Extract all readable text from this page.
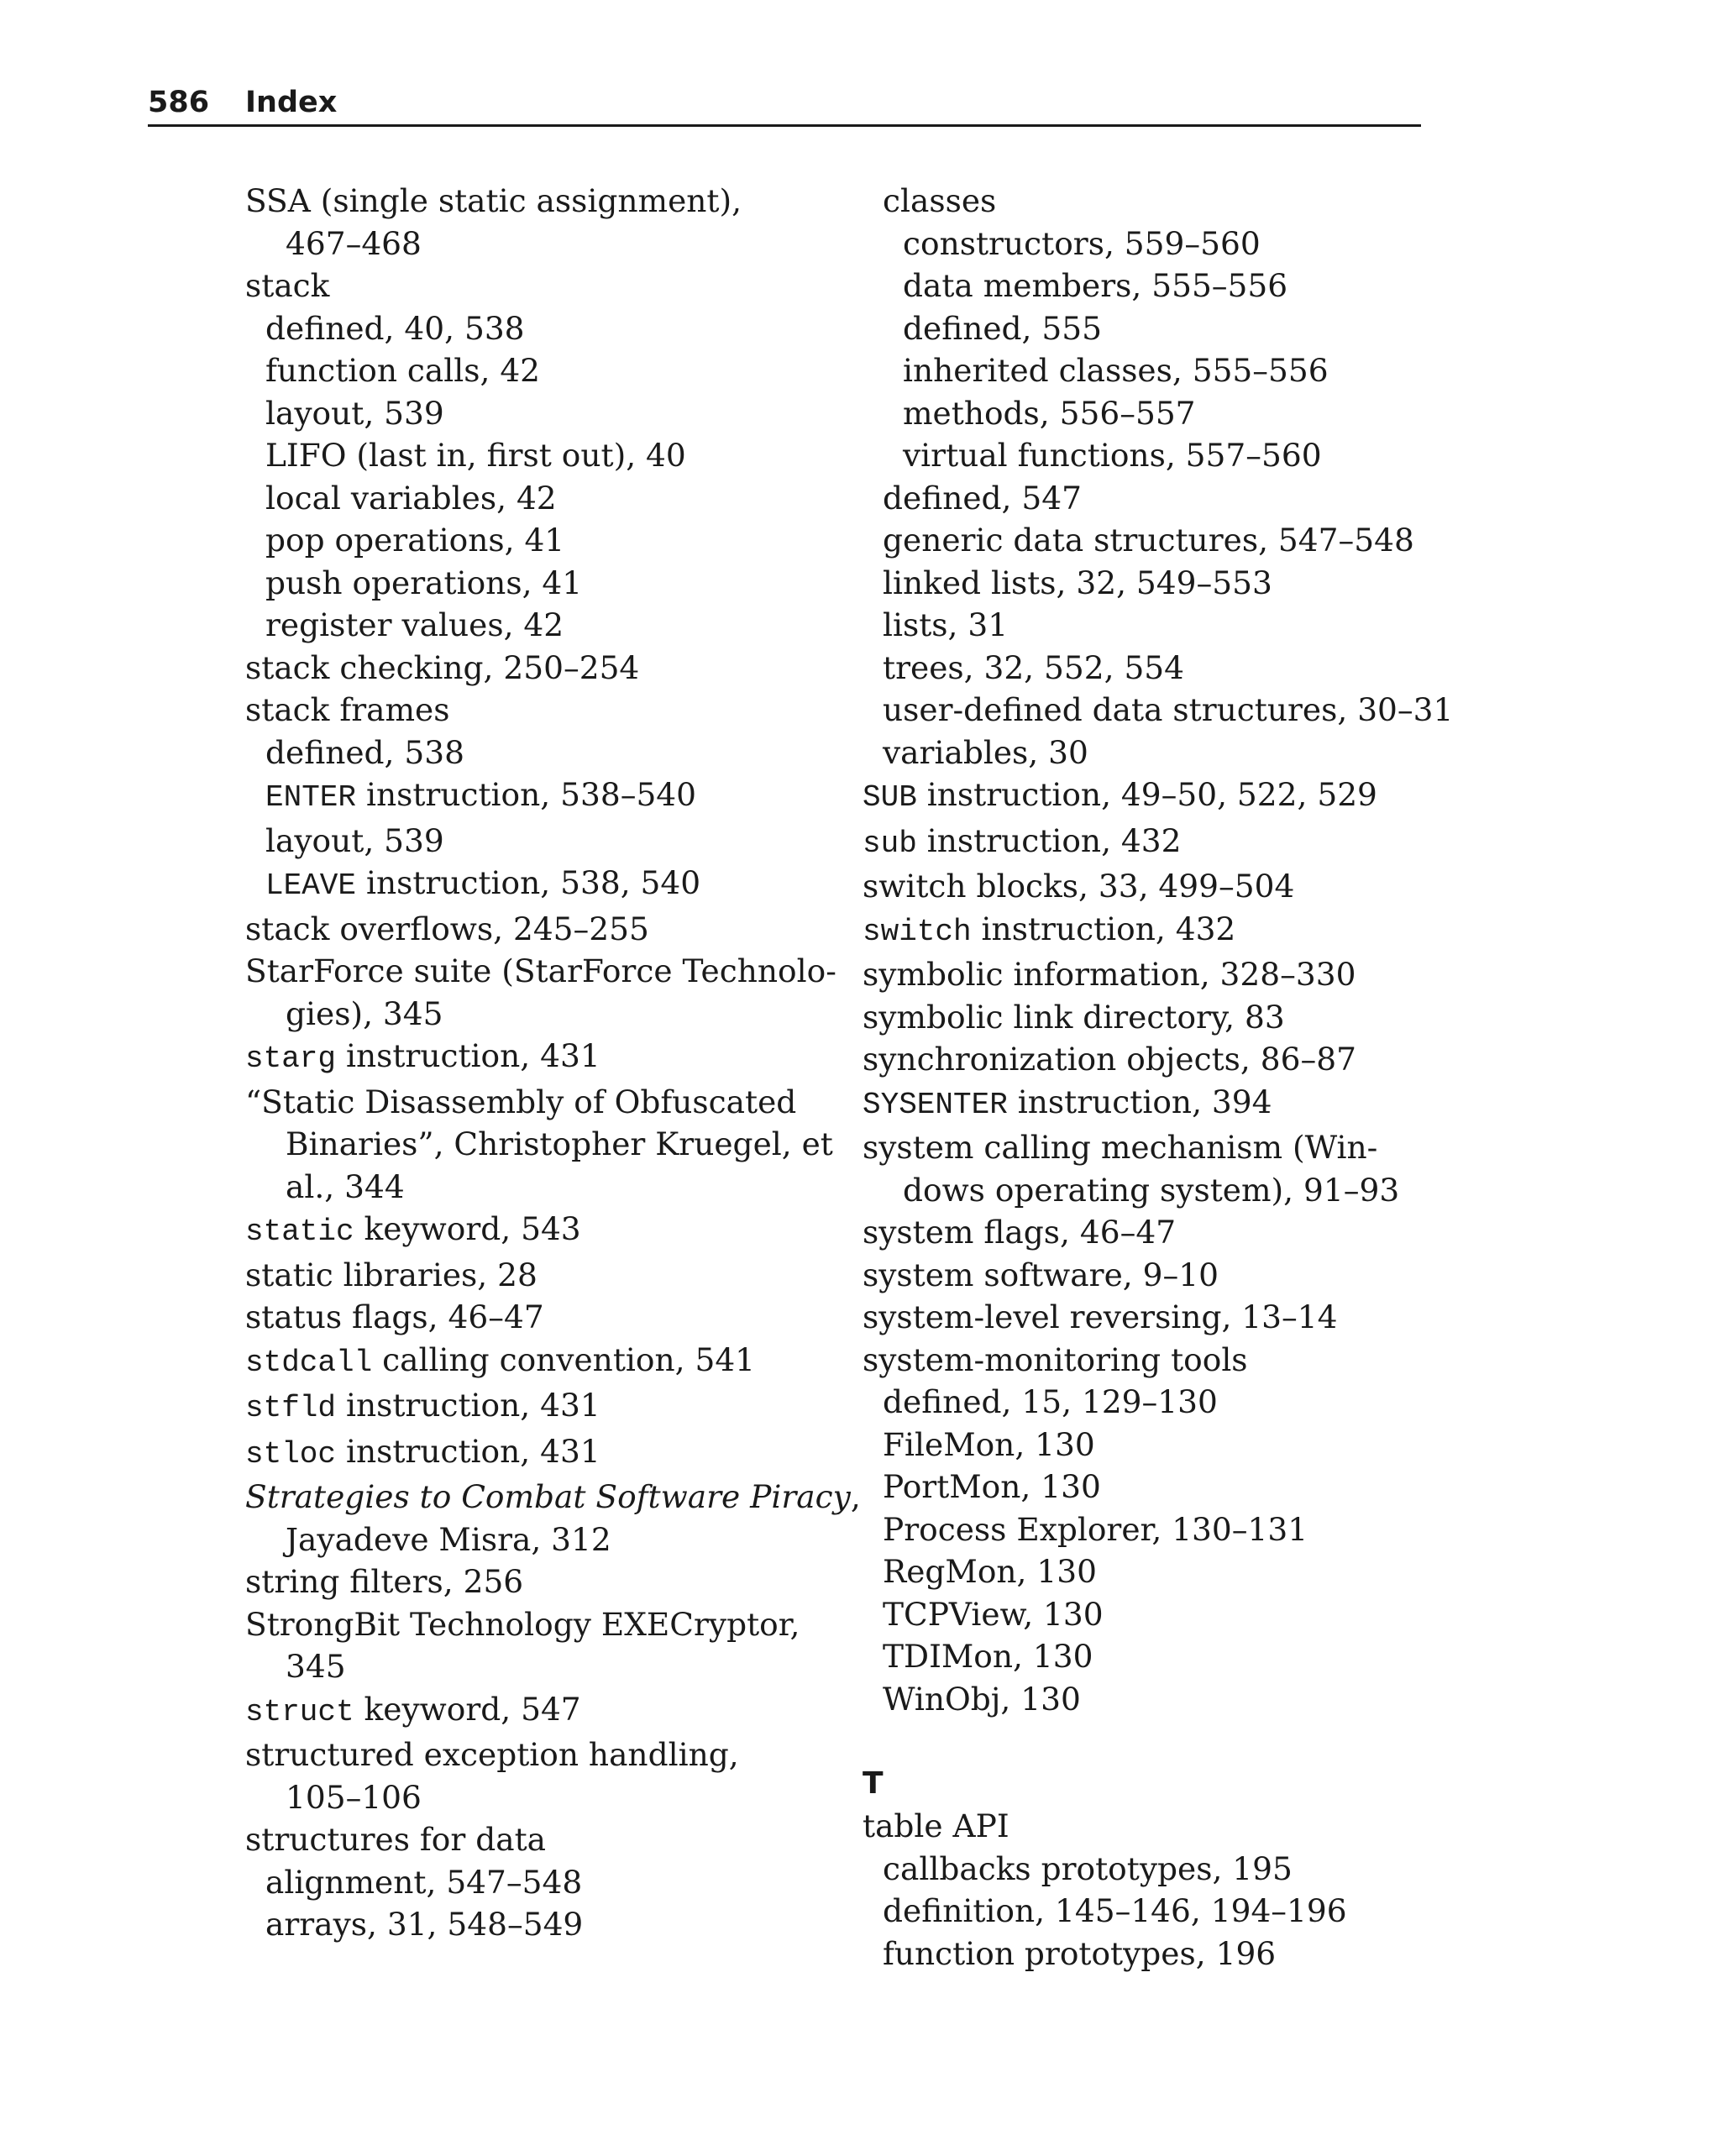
586 Index
SSA (single static assignment),
467–468
stack
defined, 40, 538
function calls, 42
layout, 539
LIFO (last in, first out), 40
local variables, 42
pop operations, 41
push operations, 41
register values, 42
stack checking, 250–254
stack frames
defined, 538
ENTER instruction, 538–540
layout, 539
LEAVE instruction, 538, 540
stack overflows, 245–255
StarForce suite (StarForce Technolo-
gies), 345
starg instruction, 431
“Static Disassembly of Obfuscated
Binaries”, Christopher Kruegel, et
al., 344
static keyword, 543
static libraries, 28
status flags, 46–47
stdcall calling convention, 541
stfld instruction, 431
stloc instruction, 431
Strategies to Combat Software Piracy,
Jayadeve Misra, 312
string filters, 256
StrongBit Technology EXECryptor,
345
struct keyword, 547
structured exception handling,
105–106
structures for data
alignment, 547–548
arrays, 31, 548–549
classes
constructors, 559–560
data members, 555–556
defined, 555
inherited classes, 555–556
methods, 556–557
virtual functions, 557–560
defined, 547
generic data structures, 547–548
linked lists, 32, 549–553
lists, 31
trees, 32, 552, 554
user-defined data structures, 30–31
variables, 30
SUB instruction, 49–50, 522, 529
sub instruction, 432
switch blocks, 33, 499–504
switch instruction, 432
symbolic information, 328–330
symbolic link directory, 83
synchronization objects, 86–87
SYSENTER instruction, 394
system calling mechanism (Win-
dows operating system), 91–93
system flags, 46–47
system software, 9–10
system-level reversing, 13–14
system-monitoring tools
defined, 15, 129–130
FileMon, 130
PortMon, 130
Process Explorer, 130–131
RegMon, 130
TCPView, 130
TDIMon, 130
WinObj, 130
T
table API
callbacks prototypes, 195
definition, 145–146, 194–196
function prototypes, 196
